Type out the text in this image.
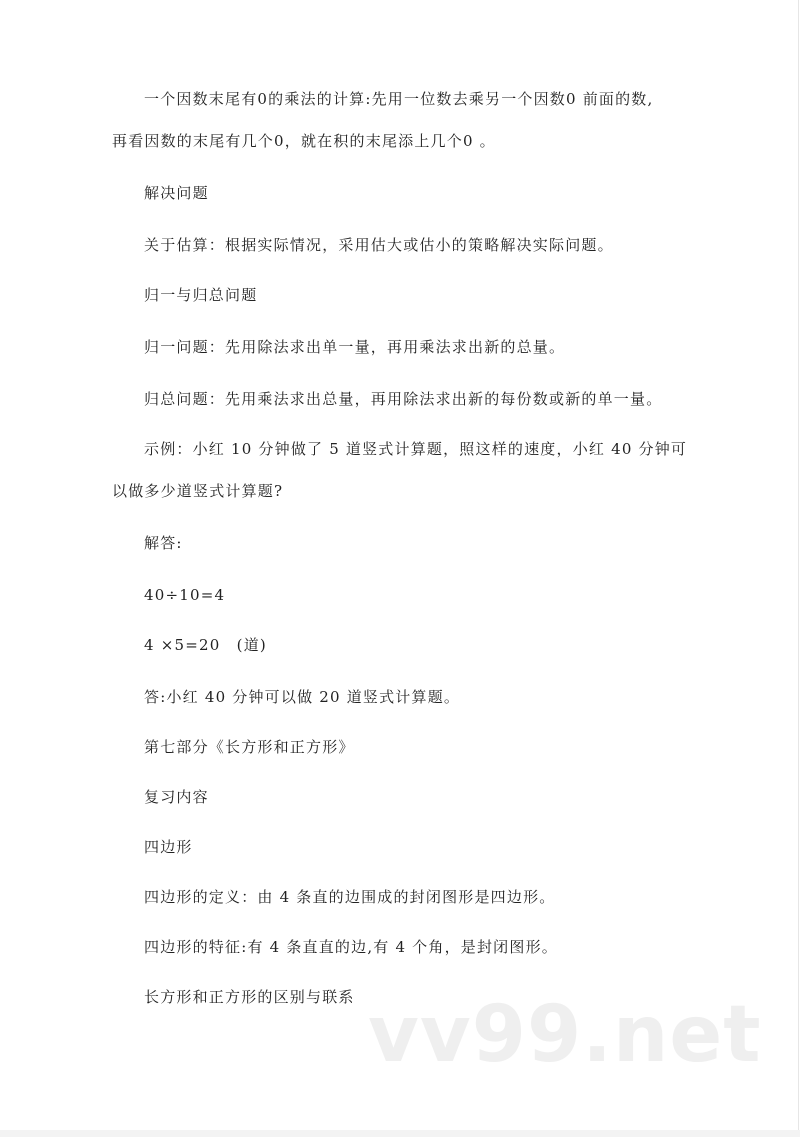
一个因数末尾有0的乘法的计算:先用一位数去乘另一个因数0 前面的数,
再看因数的末尾有几个0，就在积的末尾添上几个0 。
解决问题
关于估算：根据实际情况，采用估大或估小的策略解决实际问题。
归一与归总问题
归一问题：先用除法求出单一量，再用乘法求出新的总量。
归总问题：先用乘法求出总量，再用除法求出新的每份数或新的单一量。
示例：小红 10 分钟做了 5 道竖式计算题，照这样的速度，小红 40 分钟可
以做多少道竖式计算题?
解答:
40÷10=4
4 ×5=20　(道)
答:小红 40 分钟可以做 20 道竖式计算题。
第七部分《长方形和正方形》
复习内容
四边形
四边形的定义：由 4 条直的边围成的封闭图形是四边形。
四边形的特征:有 4 条直直的边,有 4 个角，是封闭图形。
长方形和正方形的区别与联系 vv99.net
